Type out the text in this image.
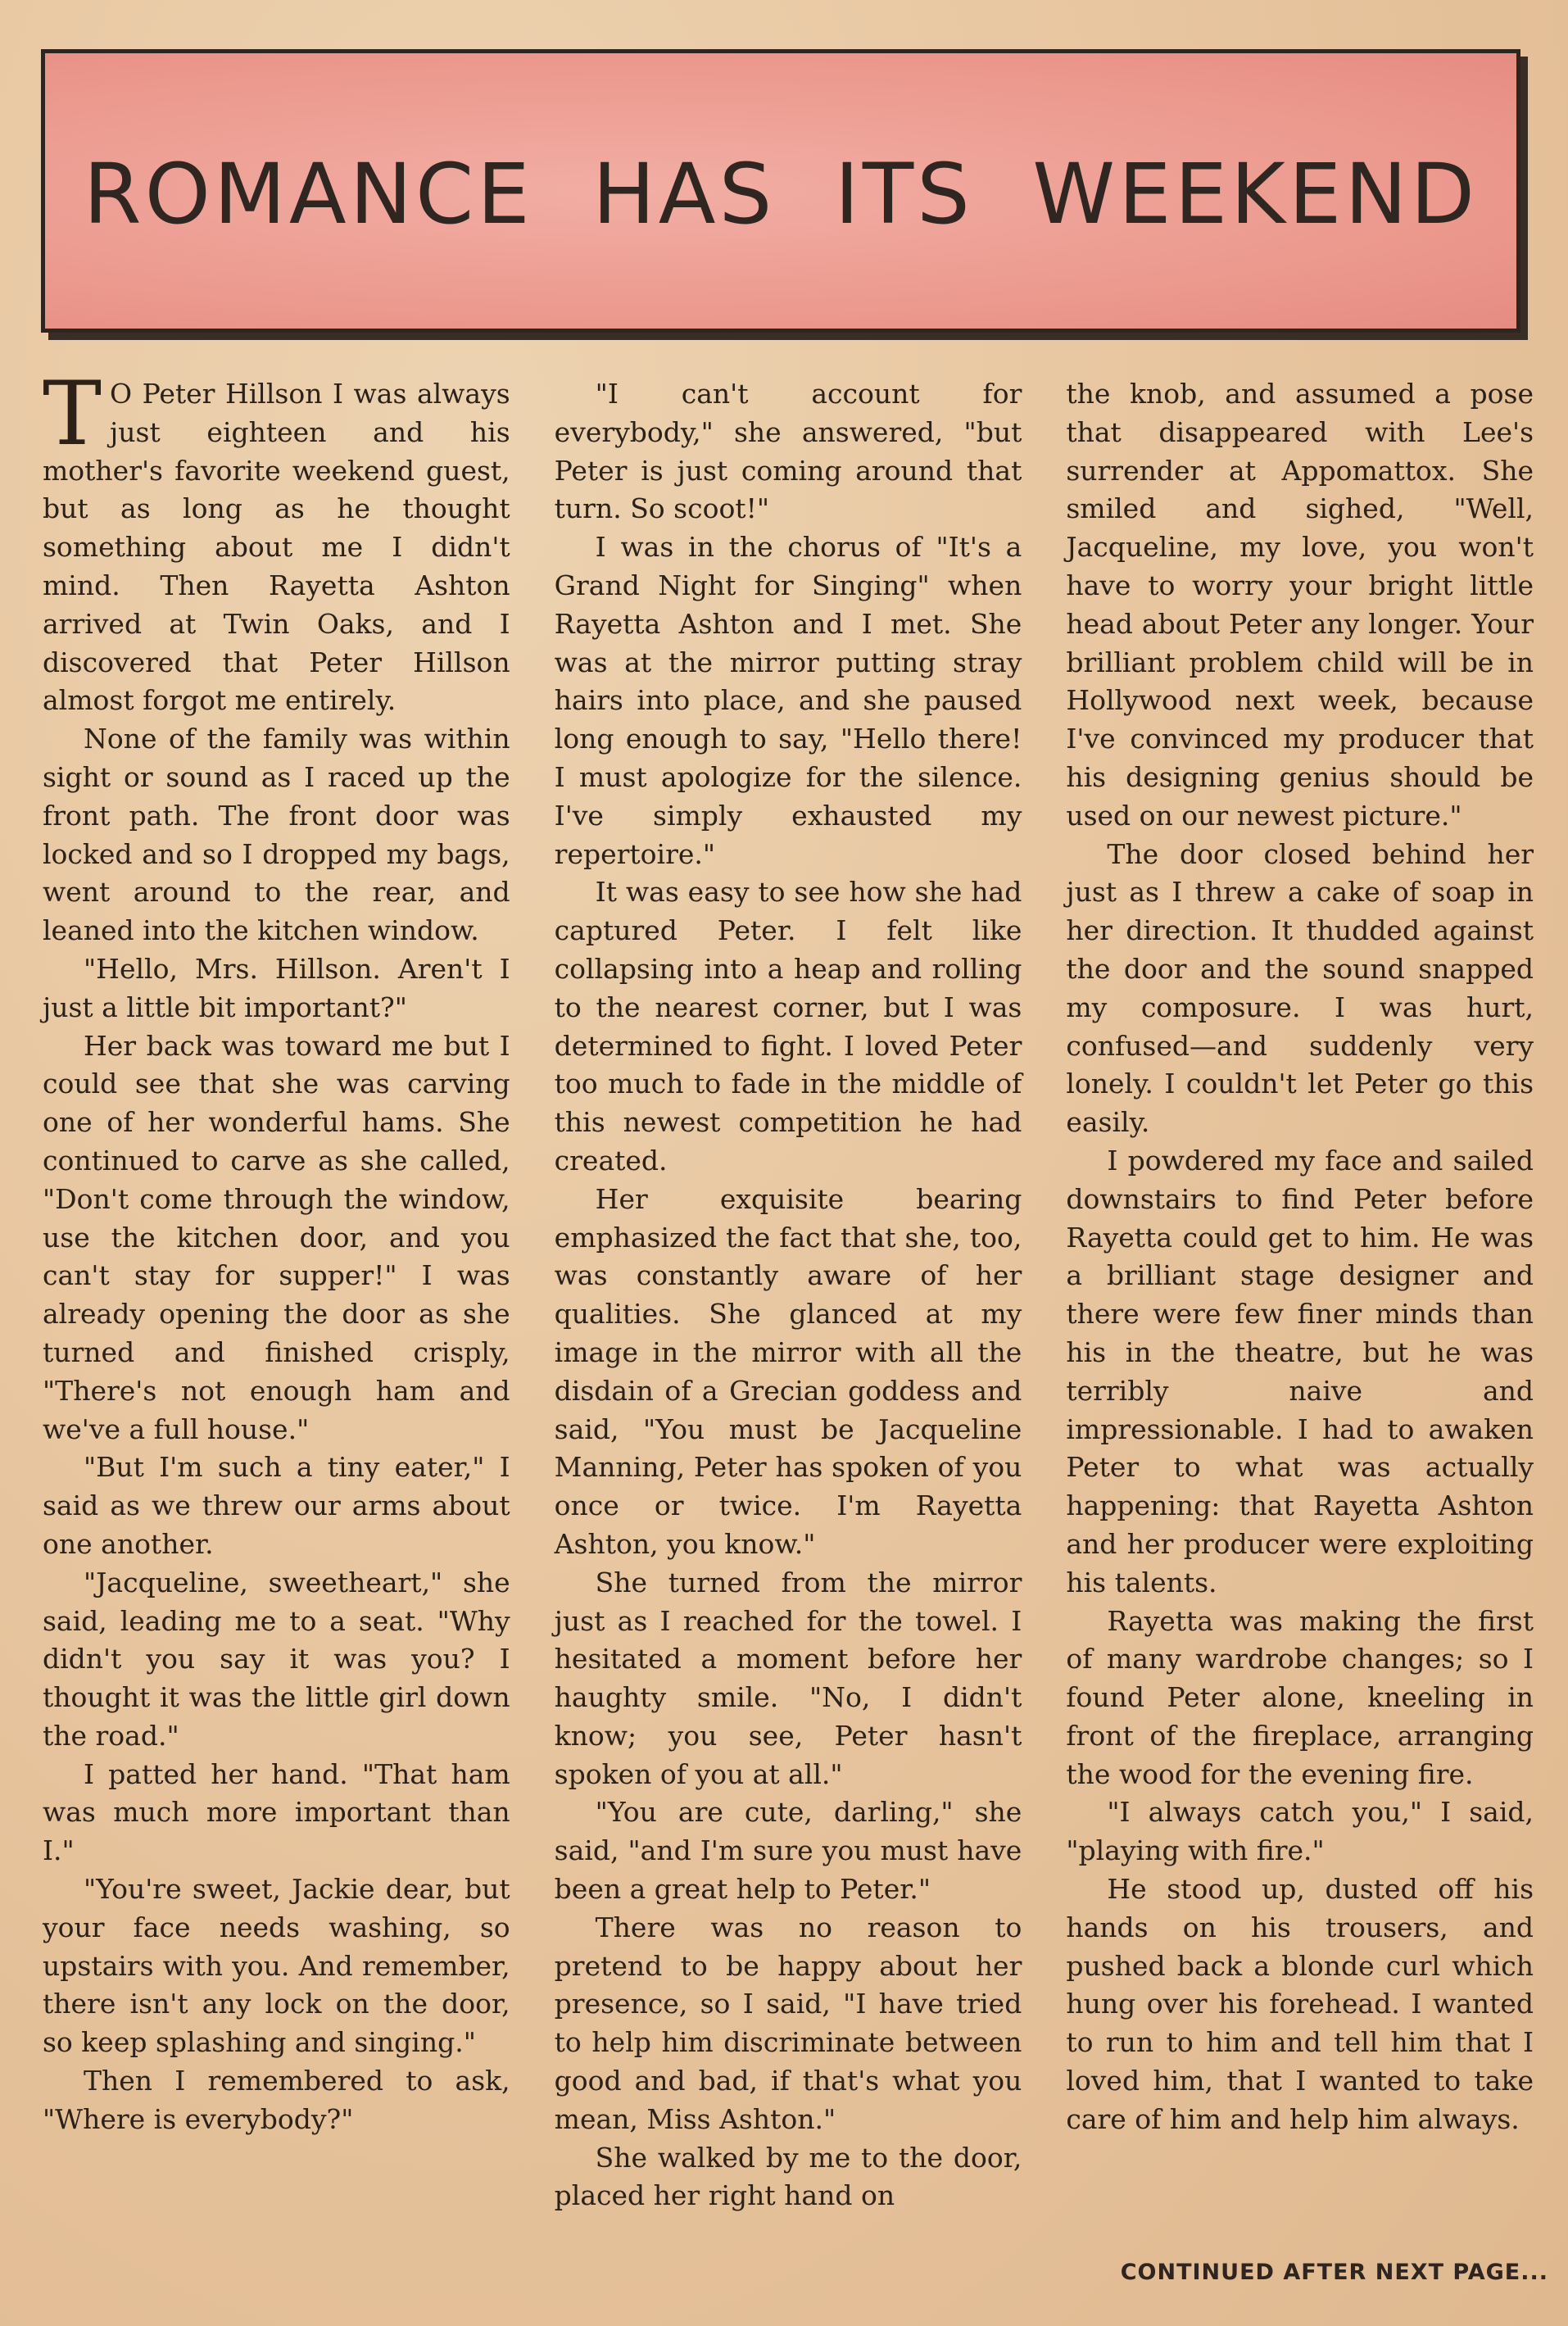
ROMANCE HAS ITS WEEKEND

T O Peter Hillson I was always just eighteen and his mother's favorite weekend guest, but as long as he thought something about me I didn't mind. Then Rayetta Ashton arrived at Twin Oaks, and I discovered that Peter Hillson almost forgot me entirely.

None of the family was within sight or sound as I raced up the front path. The front door was locked and so I dropped my bags, went around to the rear, and leaned into the kitchen window.

"Hello, Mrs. Hillson. Aren't I just a little bit important?"

Her back was toward me but I could see that she was carving one of her wonderful hams. She continued to carve as she called, "Don't come through the window, use the kitchen door, and you can't stay for supper!" I was already opening the door as she turned and finished crisply, "There's not enough ham and we've a full house."

"But I'm such a tiny eater," I said as we threw our arms about one another.

"Jacqueline, sweetheart," she said, leading me to a seat. "Why didn't you say it was you? I thought it was the little girl down the road."

I patted her hand. "That ham was much more important than I."

"You're sweet, Jackie dear, but your face needs washing, so upstairs with you. And remember, there isn't any lock on the door, so keep splashing and singing."

Then I remembered to ask, "Where is everybody?"

"I can't account for everybody," she answered, "but Peter is just coming around that turn. So scoot!"

I was in the chorus of "It's a Grand Night for Singing" when Rayetta Ashton and I met. She was at the mirror putting stray hairs into place, and she paused long enough to say, "Hello there! I must apologize for the silence. I've simply exhausted my repertoire."

It was easy to see how she had captured Peter. I felt like collapsing into a heap and rolling to the nearest corner, but I was determined to fight. I loved Peter too much to fade in the middle of this newest competition he had created.

Her exquisite bearing emphasized the fact that she, too, was constantly aware of her qualities. She glanced at my image in the mirror with all the disdain of a Grecian goddess and said, "You must be Jacqueline Manning, Peter has spoken of you once or twice. I'm Rayetta Ashton, you know."

She turned from the mirror just as I reached for the towel. I hesitated a moment before her haughty smile. "No, I didn't know; you see, Peter hasn't spoken of you at all."

"You are cute, darling," she said, "and I'm sure you must have been a great help to Peter."

There was no reason to pretend to be happy about her presence, so I said, "I have tried to help him discriminate between good and bad, if that's what you mean, Miss Ashton."

She walked by me to the door, placed her right hand on

the knob, and assumed a pose that disappeared with Lee's surrender at Appomattox. She smiled and sighed, "Well, Jacqueline, my love, you won't have to worry your bright little head about Peter any longer. Your brilliant problem child will be in Hollywood next week, because I've convinced my producer that his designing genius should be used on our newest picture."

The door closed behind her just as I threw a cake of soap in her direction. It thudded against the door and the sound snapped my composure. I was hurt, confused—and suddenly very lonely. I couldn't let Peter go this easily.

I powdered my face and sailed downstairs to find Peter before Rayetta could get to him. He was a brilliant stage designer and there were few finer minds than his in the theatre, but he was terribly naive and impressionable. I had to awaken Peter to what was actually happening: that Rayetta Ashton and her producer were exploiting his talents.

Rayetta was making the first of many wardrobe changes; so I found Peter alone, kneeling in front of the fireplace, arranging the wood for the evening fire.

"I always catch you," I said, "playing with fire."

He stood up, dusted off his hands on his trousers, and pushed back a blonde curl which hung over his forehead. I wanted to run to him and tell him that I loved him, that I wanted to take care of him and help him always.

CONTINUED AFTER NEXT PAGE...
